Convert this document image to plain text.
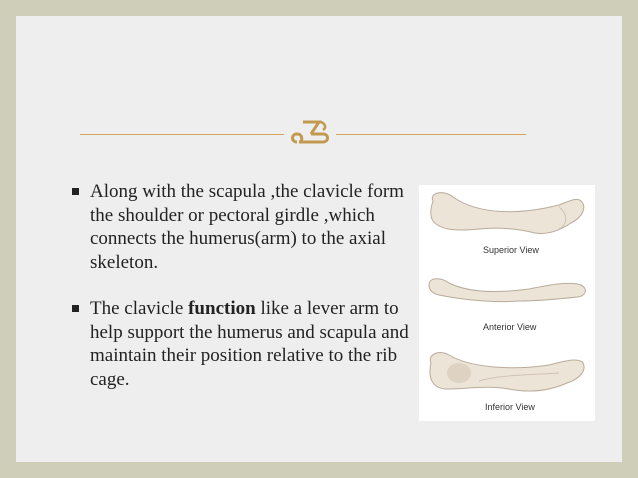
Along with the scapula ,the clavicle form the shoulder or pectoral girdle ,which connects the humerus(arm) to the axial skeleton.
The clavicle function like a lever arm to help support the humerus and scapula and maintain their position relative to the rib cage.
Superior View
Anterior View
Inferior View
